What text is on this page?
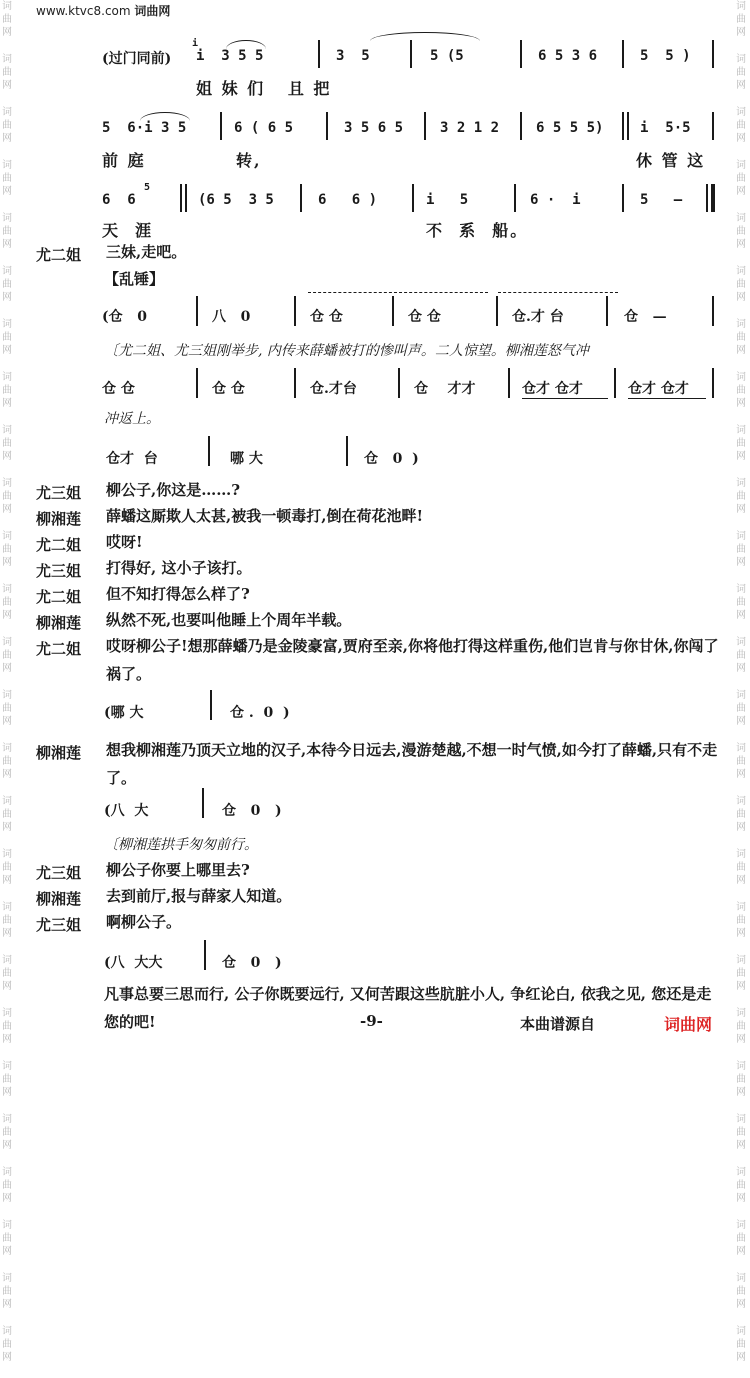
词
曲
网
词
曲
网
词
曲
网
词
曲
网
词
曲
网
词
曲
网
词
曲
网
词
曲
网
词
曲
网
词
曲
网
词
曲
网
词
曲
网
词
曲
网
词
曲
网
词
曲
网
词
曲
网
词
曲
网
词
曲
网
词
曲
网
词
曲
网
词
曲
网
词
曲
网
词
曲
网
词
曲
网
词
曲
网
词
曲
网
词
曲
网
词
曲
网
词
曲
网
词
曲
网
词
曲
网
词
曲
网
词
曲
网
词
曲
网
词
曲
网
词
曲
网
词
曲
网
词
曲
网
词
曲
网
词
曲
网
词
曲
网
词
曲
网
词
曲
网
词
曲
网
词
曲
网
词
曲
网
词
曲
网
词
曲
网
词
曲
网
词
曲
网
词
曲
网
词
曲
网
www.ktvc8.com 词曲网
(过门同前)
i
i  3 5 5	3  5	5 (5	6 5 3 6	5  5 )
姐 妹 们   且 把
5  6·i 3 5	6 ( 6 5	3 5 6 5	3 2 1 2	6 5 5 5)	i  5·5
前 庭	转,	休 管 这
6  6
5
(6 5  3 5	6   6 )	i   5	6 ·  i	5   —
天  涯	不  系  船。
尤二姐 三妹,走吧。
【乱锤】
(仓   0	八   0	仓 仓	仓 仓	仓.才 台	仓   —
〔尤二姐、尤三姐刚举步, 内传来薛蟠被打的惨叫声。二人惊望。柳湘莲怒气冲
仓 仓	仓 仓	仓.才台	仓    才才	仓才 仓才	仓才 仓才
冲返上。
仓才  台	哪 大	仓   0  )
尤三姐 柳公子,你这是……?
柳湘莲 薛蟠这厮欺人太甚,被我一顿毒打,倒在荷花池畔!
尤二姐 哎呀!
尤三姐 打得好, 这小子该打。
尤二姐 但不知打得怎么样了?
柳湘莲 纵然不死,也要叫他睡上个周年半载。
尤二姐 哎呀柳公子!想那薛蟠乃是金陵豪富,贾府至亲,你将他打得这样重伤,他们岂肯与你甘休,你闯了祸了。
(哪 大	仓 .  0  )
柳湘莲 想我柳湘莲乃顶天立地的汉子,本待今日远去,漫游楚越,不想一时气愤,如今打了薛蟠,只有不走了。
(八  大	仓   0   )
〔柳湘莲拱手匆匆前行。
尤三姐 柳公子你要上哪里去?
柳湘莲 去到前厅,报与薛家人知道。
尤三姐 啊柳公子。
(八  大大	仓   0   )
凡事总要三思而行, 公子你既要远行, 又何苦跟这些肮脏小人, 争红论白, 依我之见, 您还是走您的吧!	-9-	本曲谱源自	词曲网
